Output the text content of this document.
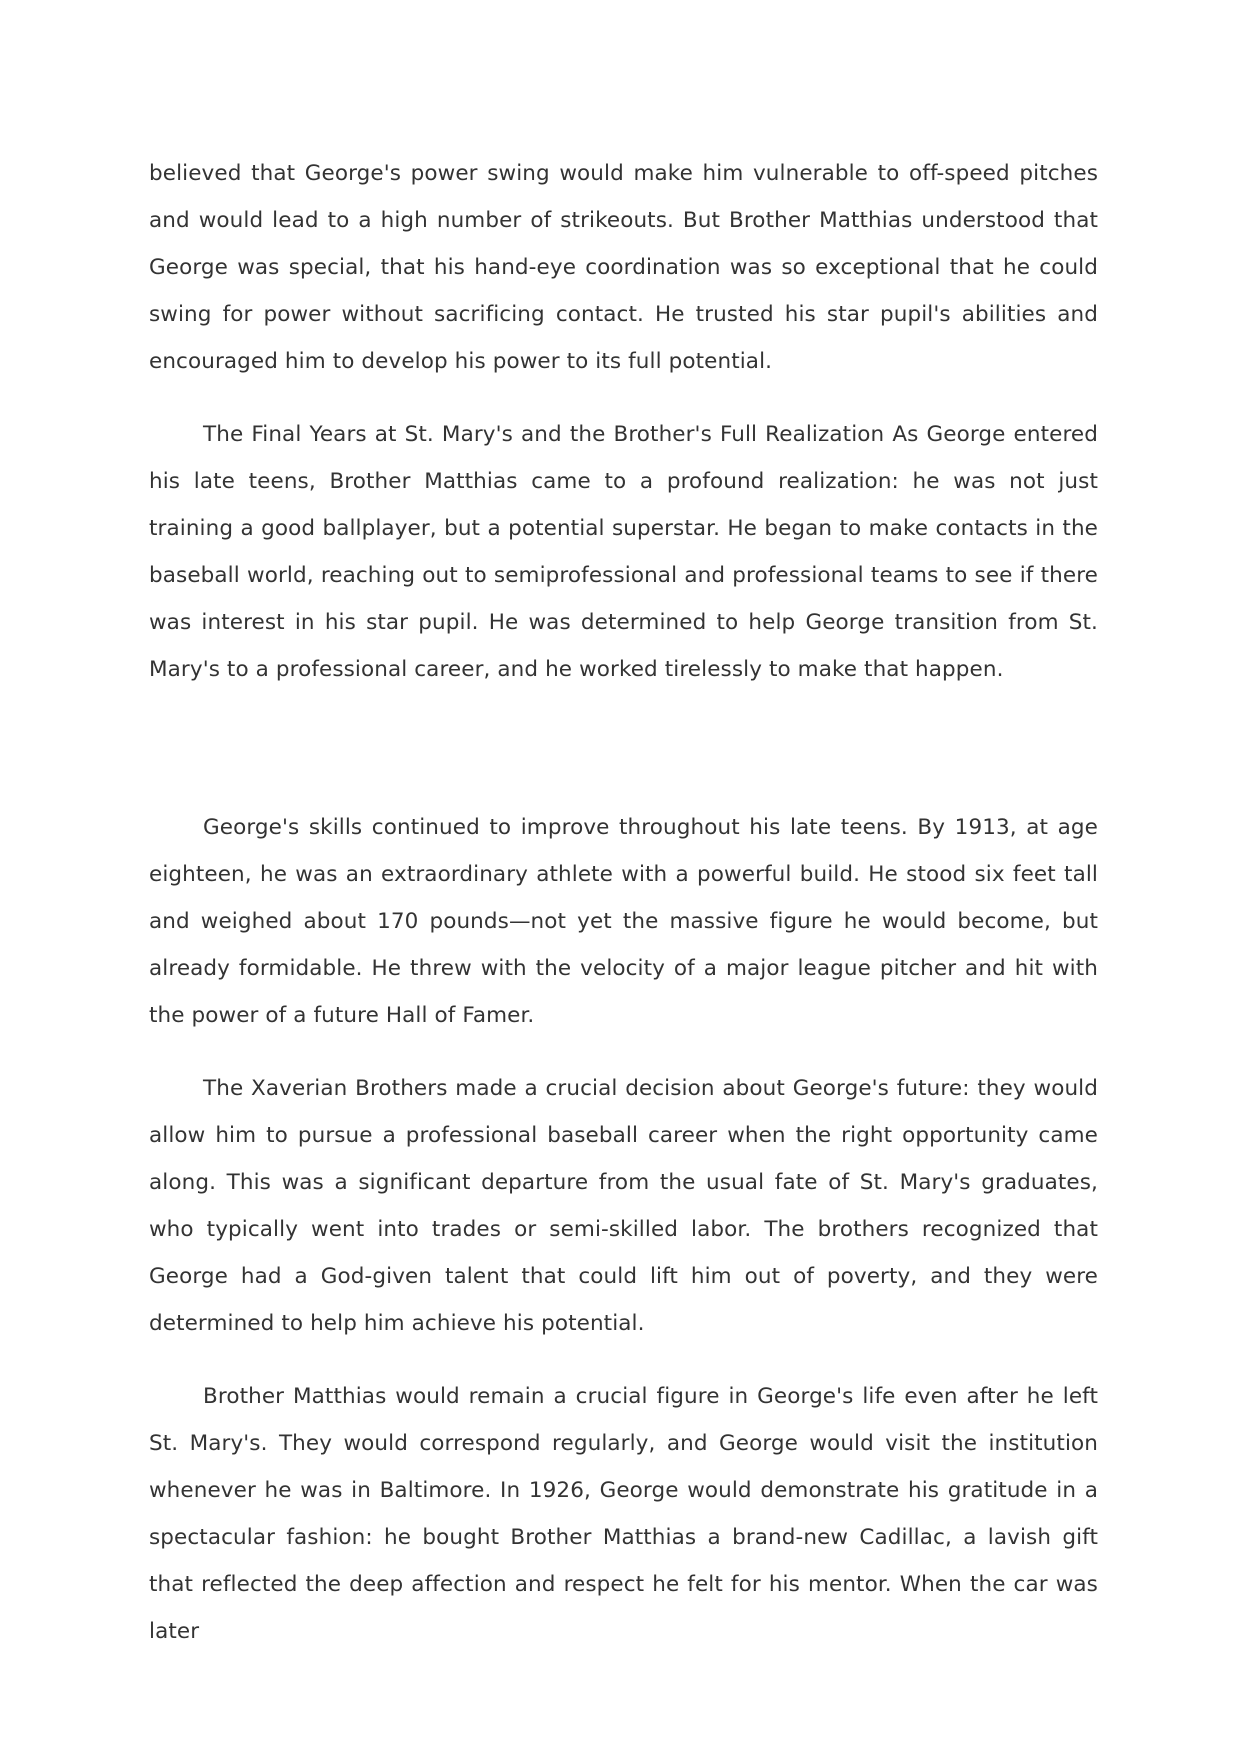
believed that George's power swing would make him vulnerable to off-speed pitches and would lead to a high number of strikeouts. But Brother Matthias understood that George was special, that his hand-eye coordination was so exceptional that he could swing for power without sacrificing contact. He trusted his star pupil's abilities and encouraged him to develop his power to its full potential.

The Final Years at St. Mary's and the Brother's Full Realization As George entered his late teens, Brother Matthias came to a profound realization: he was not just training a good ballplayer, but a potential superstar. He began to make contacts in the baseball world, reaching out to semiprofessional and professional teams to see if there was interest in his star pupil. He was determined to help George transition from St. Mary's to a professional career, and he worked tirelessly to make that happen.

George's skills continued to improve throughout his late teens. By 1913, at age eighteen, he was an extraordinary athlete with a powerful build. He stood six feet tall and weighed about 170 pounds—not yet the massive figure he would become, but already formidable. He threw with the velocity of a major league pitcher and hit with the power of a future Hall of Famer.

The Xaverian Brothers made a crucial decision about George's future: they would allow him to pursue a professional baseball career when the right opportunity came along. This was a significant departure from the usual fate of St. Mary's graduates, who typically went into trades or semi-skilled labor. The brothers recognized that George had a God-given talent that could lift him out of poverty, and they were determined to help him achieve his potential.

Brother Matthias would remain a crucial figure in George's life even after he left St. Mary's. They would correspond regularly, and George would visit the institution whenever he was in Baltimore. In 1926, George would demonstrate his gratitude in a spectacular fashion: he bought Brother Matthias a brand-new Cadillac, a lavish gift that reflected the deep affection and respect he felt for his mentor. When the car was later
